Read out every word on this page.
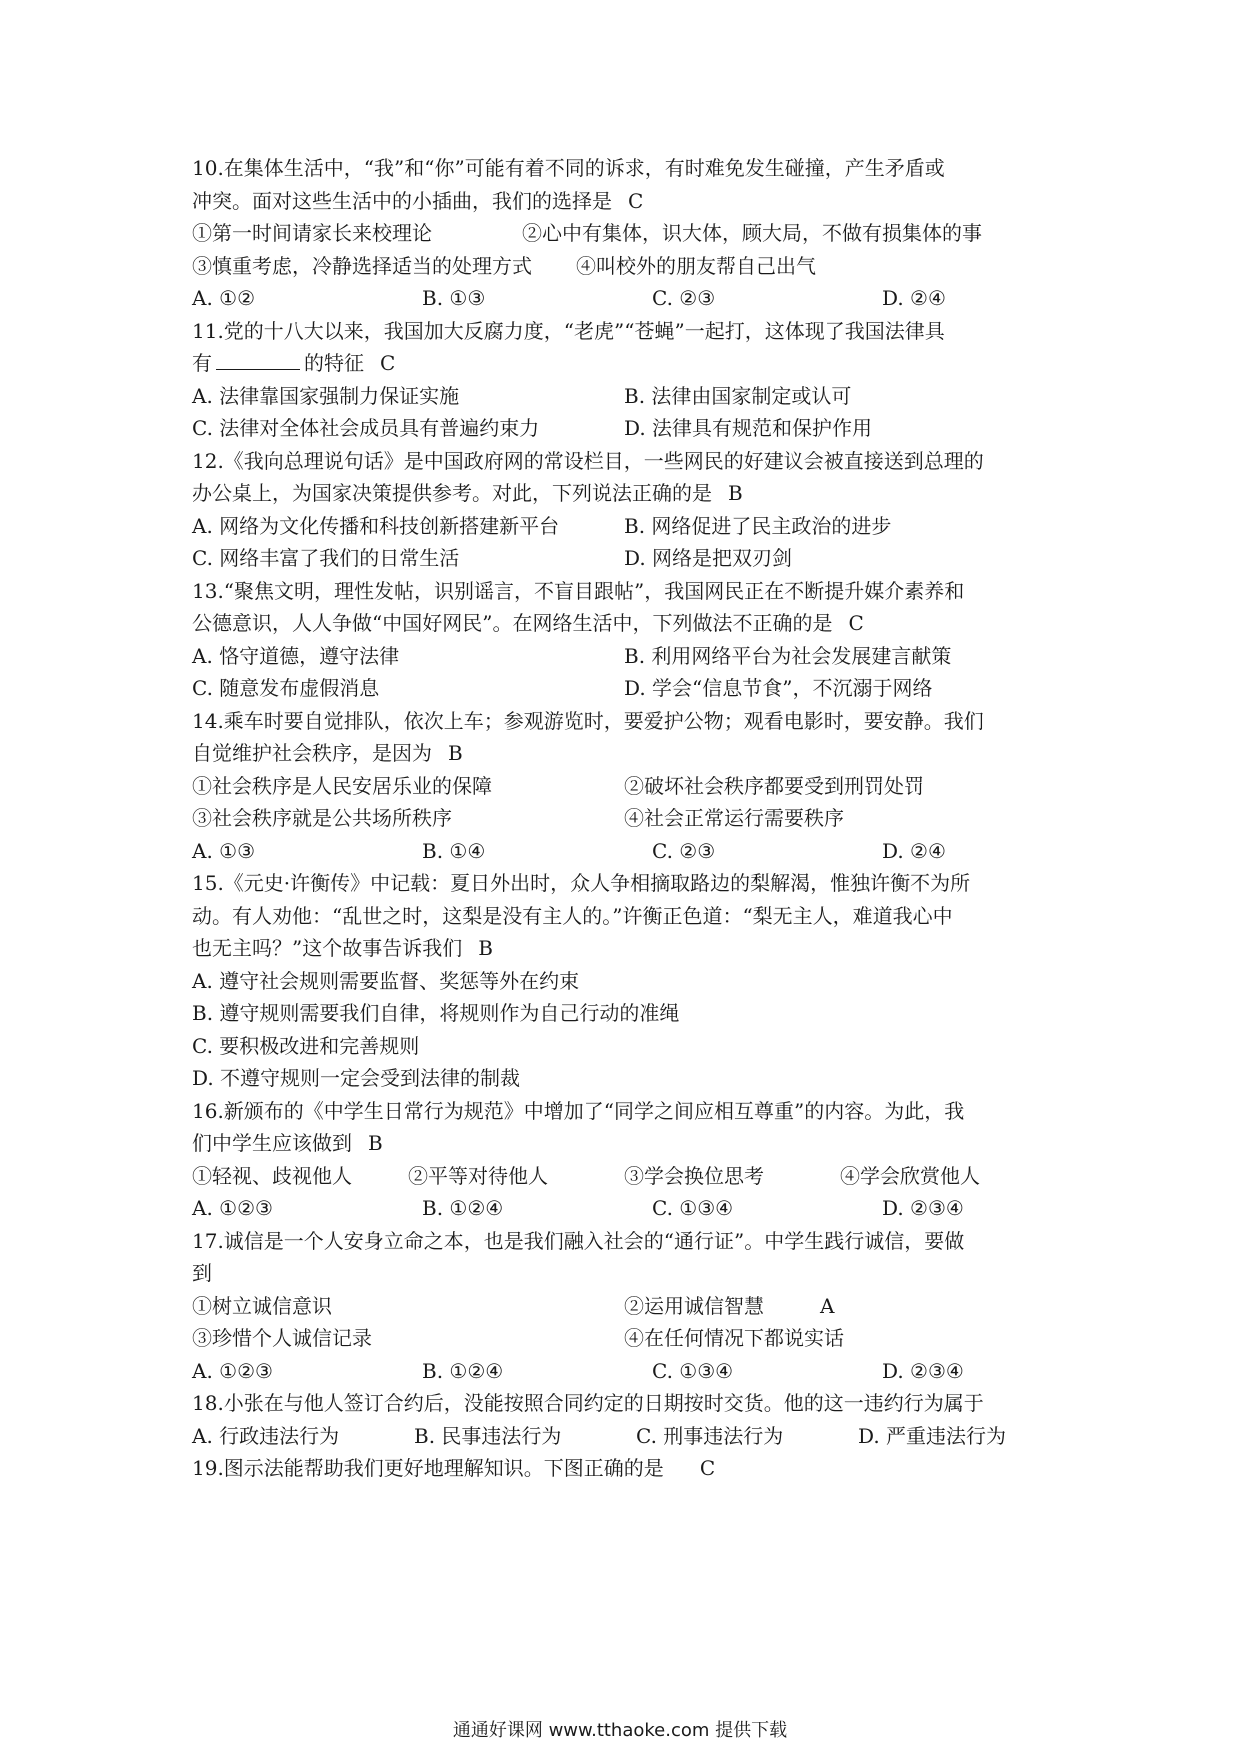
10.在集体生活中，“我”和“你”可能有着不同的诉求，有时难免发生碰撞，产生矛盾或
冲突。面对这些生活中的小插曲，我们的选择是 C
①第一时间请家长来校理论	②心中有集体，识大体，顾大局，不做有损集体的事
③慎重考虑，冷静选择适当的处理方式 ④叫校外的朋友帮自己出气
A. ①②	B. ①③	C. ②③	D. ②④
11.党的十八大以来，我国加大反腐力度，“老虎”“苍蝇”一起打，这体现了我国法律具
有	的特征 C
A. 法律靠国家强制力保证实施	B. 法律由国家制定或认可
C. 法律对全体社会成员具有普遍约束力	D. 法律具有规范和保护作用
12.《我向总理说句话》是中国政府网的常设栏目，一些网民的好建议会被直接送到总理的
办公桌上，为国家决策提供参考。对此，下列说法正确的是 B
A. 网络为文化传播和科技创新搭建新平台	B. 网络促进了民主政治的进步
C. 网络丰富了我们的日常生活	D. 网络是把双刃剑
13.“聚焦文明，理性发帖，识别谣言，不盲目跟帖”，我国网民正在不断提升媒介素养和
公德意识，人人争做“中国好网民”。在网络生活中，下列做法不正确的是 C
A. 恪守道德，遵守法律	B. 利用网络平台为社会发展建言献策
C. 随意发布虚假消息	D. 学会“信息节食”，不沉溺于网络
14.乘车时要自觉排队，依次上车；参观游览时，要爱护公物；观看电影时，要安静。我们
自觉维护社会秩序，是因为 B
①社会秩序是人民安居乐业的保障	②破坏社会秩序都要受到刑罚处罚
③社会秩序就是公共场所秩序	④社会正常运行需要秩序
A. ①③	B. ①④	C. ②③	D. ②④
15.《元史·许衡传》中记载：夏日外出时，众人争相摘取路边的梨解渴，惟独许衡不为所
动。有人劝他：“乱世之时，这梨是没有主人的。”许衡正色道：“梨无主人，难道我心中
也无主吗？”这个故事告诉我们 B
A. 遵守社会规则需要监督、奖惩等外在约束
B. 遵守规则需要我们自律，将规则作为自己行动的准绳
C. 要积极改进和完善规则
D. 不遵守规则一定会受到法律的制裁
16.新颁布的《中学生日常行为规范》中增加了“同学之间应相互尊重”的内容。为此，我
们中学生应该做到 B
①轻视、歧视他人	②平等对待他人	③学会换位思考	④学会欣赏他人
A. ①②③	B. ①②④	C. ①③④	D. ②③④
17.诚信是一个人安身立命之本，也是我们融入社会的“通行证”。中学生践行诚信，要做
到
①树立诚信意识	②运用诚信智慧	A
③珍惜个人诚信记录	④在任何情况下都说实话
A. ①②③	B. ①②④	C. ①③④	D. ②③④
18.小张在与他人签订合约后，没能按照合同约定的日期按时交货。他的这一违约行为属于
A. 行政违法行为	B. 民事违法行为	C. 刑事违法行为	D. 严重违法行为
19.图示法能帮助我们更好地理解知识。下图正确的是 C
通通好课网 www.tthaoke.com 提供下载
